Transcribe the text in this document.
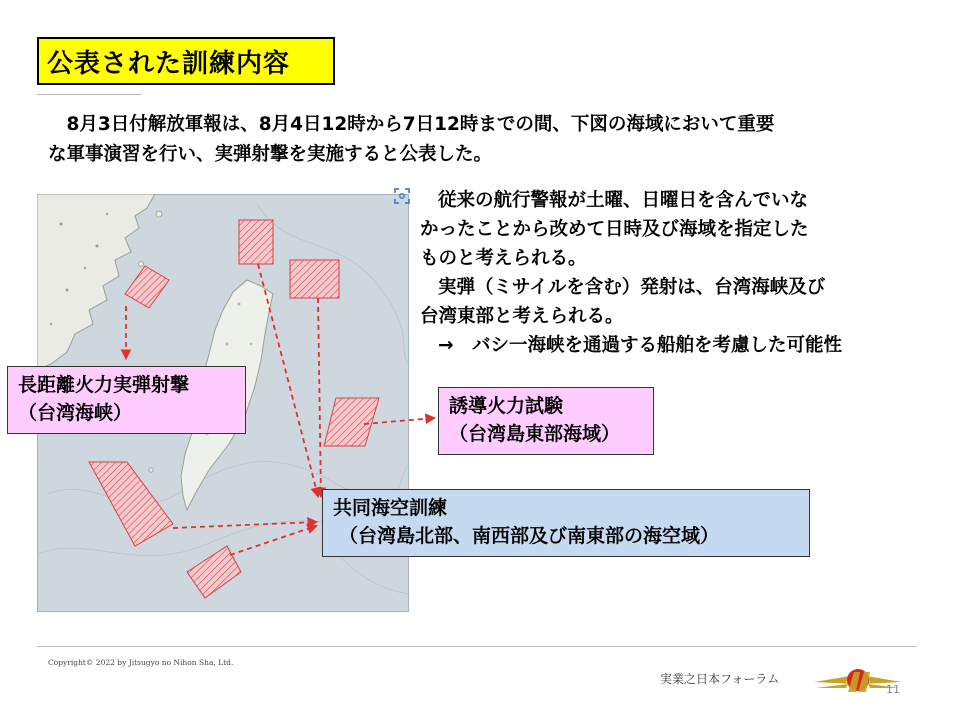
公表された訓練内容

8月3日付解放軍報は、8月4日12時から7日12時までの間、下図の海域において重要

な軍事演習を行い、実弾射撃を実施すると公表した。

従来の航行警報が土曜、日曜日を含んでいな

かったことから改めて日時及び海域を指定した

ものと考えられる。

実弾（ミサイルを含む）発射は、台湾海峡及び

台湾東部と考えられる。

→　バシ一海峡を通過する船舶を考慮した可能性

長距離火力実弾射撃

（台湾海峡）	誘導火力試験

（台湾島東部海域）

共同海空訓練

（台湾島北部、南西部及び南東部の海空域）

Copyright© 2022 by Jitsugyo no Nihon Sha, Ltd.
実業之日本フォーラム
11
